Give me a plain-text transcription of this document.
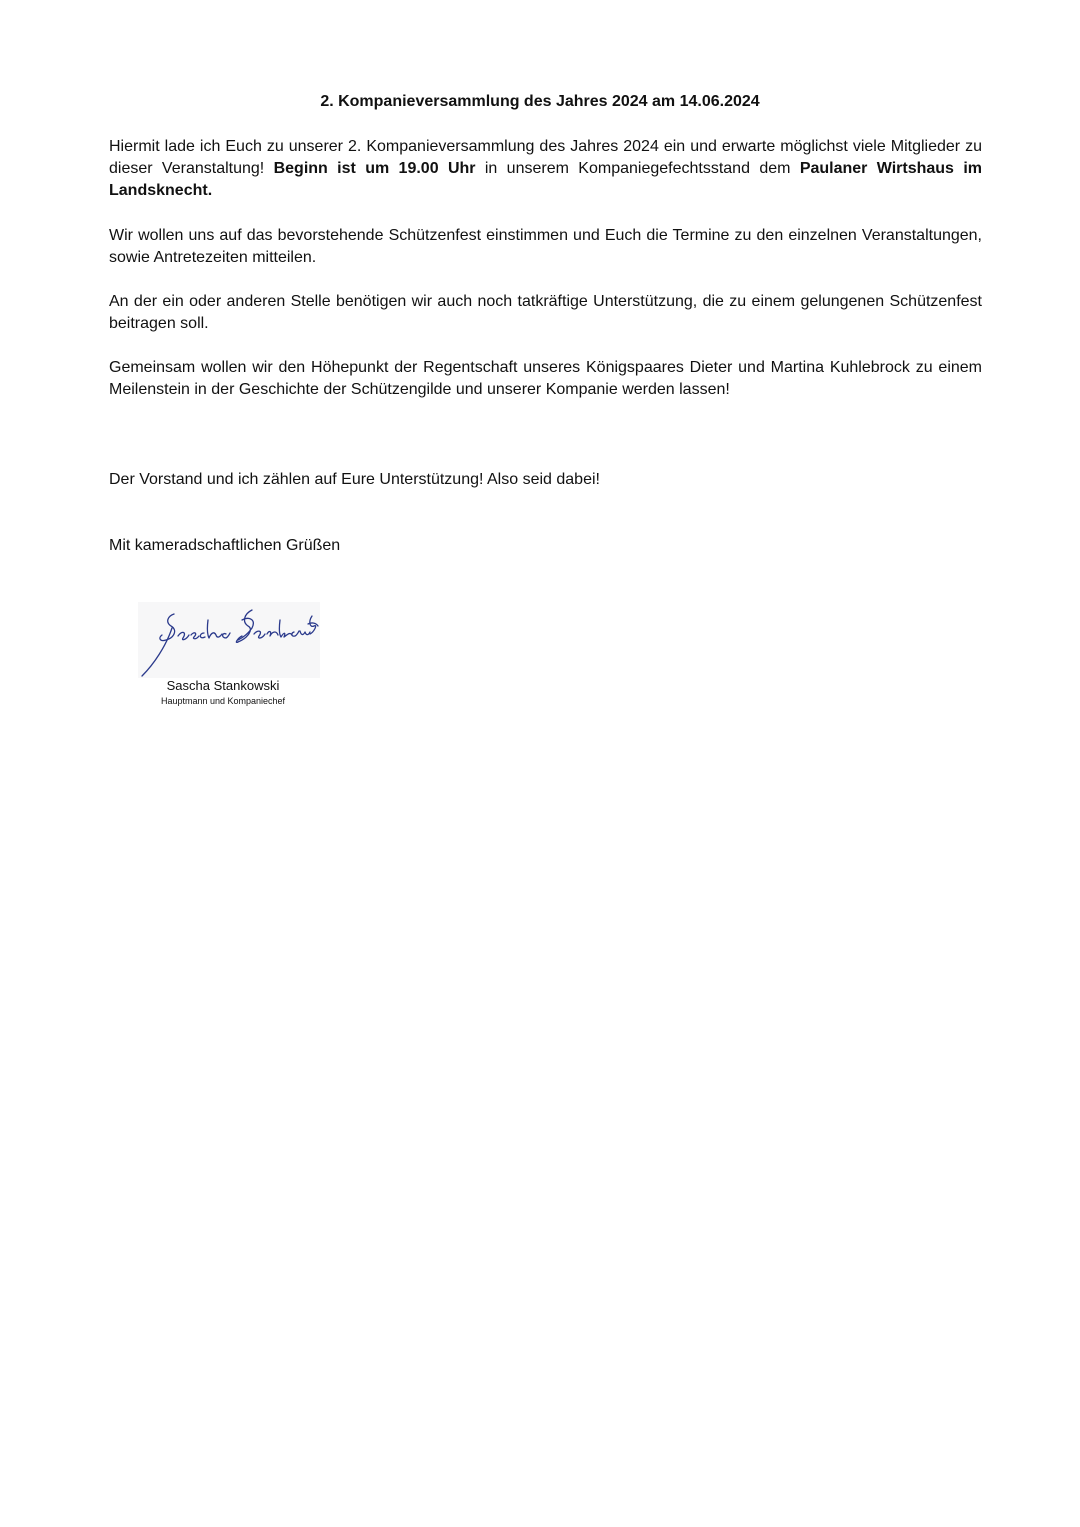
2. Kompanieversammlung des Jahres 2024 am 14.06.2024

Hiermit lade ich Euch zu unserer 2. Kompanieversammlung des Jahres 2024 ein und erwarte möglichst viele Mitglieder zu dieser Veranstaltung! Beginn ist um 19.00 Uhr in unserem Kompaniegefechtsstand dem Paulaner Wirtshaus im Landsknecht.

Wir wollen uns auf das bevorstehende Schützenfest einstimmen und Euch die Termine zu den einzelnen Veranstaltungen, sowie Antretezeiten mitteilen.

An der ein oder anderen Stelle benötigen wir auch noch tatkräftige Unterstützung, die zu einem gelungenen Schützenfest beitragen soll.

Gemeinsam wollen wir den Höhepunkt der Regentschaft unseres Königspaares Dieter und Martina Kuhlebrock zu einem Meilenstein in der Geschichte der Schützengilde und unserer Kompanie werden lassen!

Der Vorstand und ich zählen auf Eure Unterstützung! Also seid dabei!

Mit kameradschaftlichen Grüßen

Sascha Stankowski

Hauptmann und Kompaniechef
